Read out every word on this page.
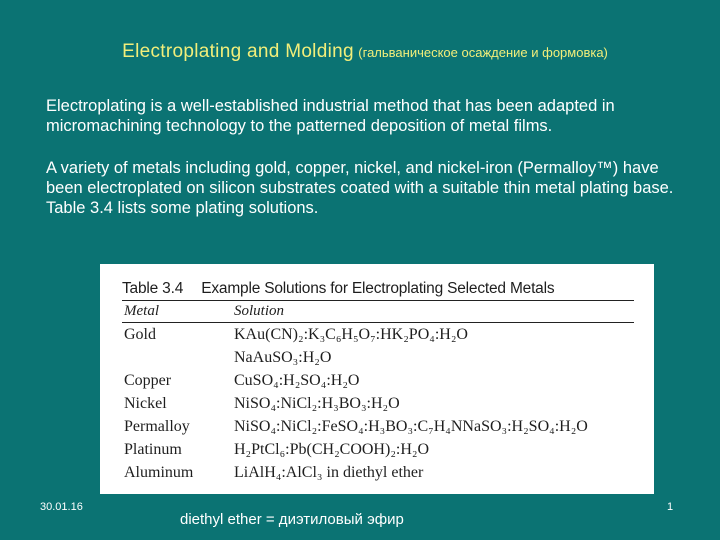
Electroplating and Molding (гальваническое осаждение и формовка)

Electroplating is a well-established industrial method that has been adapted in micromachining technology to the patterned deposition of metal films.

A variety of metals including gold, copper, nickel, and nickel-iron (Permalloy™) have been electroplated on silicon substrates coated with a suitable thin metal plating base. Table 3.4 lists some plating solutions.

Table 3.4 Example Solutions for Electroplating Selected Metals
Metal	Solution
Gold	KAu(CN)₂:K₃C₆H₅O₇:HK₂PO₄:H₂O
NaAuSO₃:H₂O
Copper	CuSO₄:H₂SO₄:H₂O
Nickel	NiSO₄:NiCl₂:H₃BO₃:H₂O
Permalloy	NiSO₄:NiCl₂:FeSO₄:H₃BO₃:C₇H₄NNaSO₃:H₂SO₄:H₂O
Platinum	H₂PtCl₆:Pb(CH₂COOH)₂:H₂O
Aluminum	LiAlH₄:AlCl₃ in diethyl ether
30.01.16	1
diethyl ether = диэтиловый эфир
